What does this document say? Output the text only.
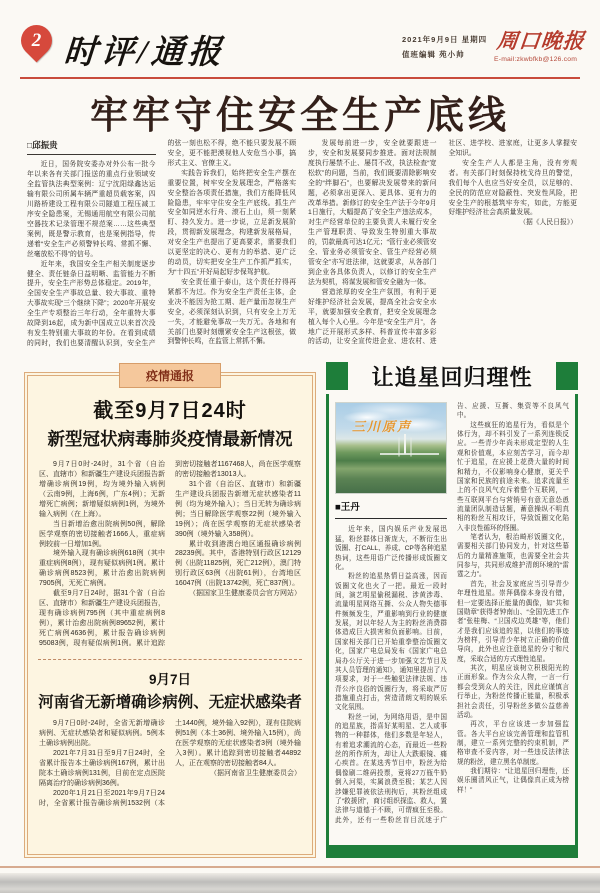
2 时评/通报	2021年9月9日 星期四
值班编辑 苑小帅
周口晚报
E-mail:zkwbfkb@126.com
牢牢守住安全生产底线
□邱振贵

近日，国务院安委办对外公布一批今年以来各有关部门报送的重点行业领域安全监管执法典型案例：辽宁沈阳绿鑫达运输有限公司所属车辆严重超员载客案，四川路桥建设工程有限公司隧道工程压减工序安全隐患案，无锡通用航空有限公司航空器技术记录管理不规范案……这些典型案例，既是警示教育，也是案例指导，传递着“安全生产必须警钟长鸣、常抓不懈、丝毫放松不得”的信号。

近年来，我国安全生产相关制度逐步健全、责任链条日益明晰、监管能力不断提升，安全生产形势总体稳定。2019年，全国安全生产事故总量、较大事故、重特大事故实现“三个继续下降”；2020年开展安全生产专项整治三年行动，全年重特大事故降到16起，成为新中国成立以来首次没有发生特别重大事故的年份。在看到成绩的同时，我们也要清醒认识到，安全生产的弦一刻也松不得，绝不能只要发展不顾安全，更不能把漠视他人安危当小事，搞形式主义、官僚主义。

实践告诉我们，始终把安全生产摆在重要位置，树牢安全发展理念，严格落实安全整治各项责任措施，我们方能降低风险隐患，牢牢守住安全生产底线。抓生产安全如同逆水行舟、滚石上山，须一刻紧盯、持久发力。进一步说，立足新发展阶段，贯彻新发展理念，构建新发展格局，对安全生产也提出了更高要求，需要我们以更坚定的决心、更有力的举措、更广泛的动员，切实把安全生产工作抓严抓实，为“十四五”开好局起好步保驾护航。

安全责任重于泰山，这个责任拧得再紧都不为过。作为安全生产责任主体，企业决不能因为抢工期、赶产量而忽视生产安全，必须深刻认识到，只有安全上万无一失，才能避免事故一失万无。各地和有关部门也要时刻绷紧安全生产这根弦，做到警钟长鸣，在监管上常抓不懈。

发展每前进一步，安全就要跟进一步，安全和发展要同步推进。面对法规制度执行屡禁不止、屡罚不改，执法检查“宽松软”的问题，当前，我们既要清除影响安全的“绊脚石”，也要解决发展带来的新问题，必须拿出更深入、更具体、更有力的改革举措。新修订的安全生产法于今年9月1日施行，大幅提高了安全生产违法成本，对生产经营单位的主要负责人未履行安全生产管理职责、导致发生特别重大事故的，罚款最高可达1亿元；“管行业必须管安全、管业务必须管安全、管生产经营必须管安全”亦写进法律，这就要求，从各部门到企业各具体负责人，以修订的安全生产法为契机，将谋发展和管安全融为一体。

营造浓厚的安全生产氛围，有利于更好维护经济社会发展，提高全社会安全水平，就要加强安全教育，把安全发展理念植入每个人心里。今年是“安全生产月”，各地广泛开展形式多样、科普宣传丰富多彩的活动，让安全宣传进企业、进农村、进社区、进学校、进家庭，让更多人掌握安全知识。

安全生产人人都是主角，没有旁观者。有关部门时刻保持枕戈待旦的警觉，我们每个人也应当好安全员，以足够的、全民的防范应对隐蔽性、突发性风险，把安全生产的根基筑牢夯实，如此，方能更好维护经济社会高质量发展。

（据《人民日报》）

疫情通报
截至9月7日24时
新型冠状病毒肺炎疫情最新情况

9月7日0时-24时，31个省（自治区、直辖市）和新疆生产建设兵团报告新增确诊病例19例，均为境外输入病例（云南9例，上海6例，广东4例）；无新增死亡病例；新增疑似病例1例，为境外输入病例（在上海）。

当日新增治愈出院病例50例，解除医学观察的密切接触者1666人，重症病例较前一日增加1例。

境外输入现有确诊病例618例（其中重症病例8例），现有疑似病例1例。累计确诊病例8523例，累计治愈出院病例7905例，无死亡病例。

截至9月7日24时，据31个省（自治区、直辖市）和新疆生产建设兵团报告，现有确诊病例795例（其中重症病例8例），累计治愈出院病例89652例，累计死亡病例4636例，累计报告确诊病例95083例，现有疑似病例1例。累计追踪到密切接触者1167468人，尚在医学观察的密切接触者13013人。

31个省（自治区、直辖市）和新疆生产建设兵团报告新增无症状感染者11例（均为境外输入）；当日无转为确诊病例；当日解除医学观察22例（境外输入19例）；尚在医学观察的无症状感染者390例（境外输入358例）。

累计收到港澳台地区通报确诊病例28239例。其中，香港特别行政区12129例（出院11825例，死亡212例），澳门特别行政区63例（出院61例），台湾地区16047例（出院13742例，死亡837例）。

（据国家卫生健康委员会官方网站）

9月7日
河南省无新增确诊病例、无症状感染者

9月7日0时-24时，全省无新增确诊病例、无症状感染者和疑似病例。5例本土确诊病例出院。

2021年7月31日至9月7日24时，全省累计报告本土确诊病例167例，累计出院本土确诊病例131例，目前在定点医院隔离治疗的确诊病例36例。

2020年1月21日至2021年9月7日24时，全省累计报告确诊病例1532例（本土1440例，境外输入92例），现有住院病例51例（本土36例、境外输入15例），尚在医学观察的无症状感染者3例（境外输入3例）。累计追踪到密切接触者44892人，正在观察的密切接触者84人。

（据河南省卫生健康委员会）

让追星回归理性
三川原声
■王丹

近年来，国内娱乐产业发展迅猛，粉丝群体日渐庞大，不断衍生出饭圈、打CALL、养成、CP等各种追星热词，这些用语广泛传播形成饭圈文化。

粉丝的追星热情日益高涨，因而饭圈文化也火了一把。最近一段时间，演艺明星偷税漏税、涉黄涉毒、流量明星网络互撕、公众人物失德事件频频发生，严重影响到行业的健康发展，对以年轻人为主的粉丝消费群体造成巨大损害和负面影响。目前，国家相关部门已开始重拳整治饭圈文化，国家广电总局发布《国家广电总局办公厅关于进一步加强文艺节目及其人员管理的通知》，通知里提出了八项要求，对于一些触犯法律法规、违背公序良俗的饭圈行为，将采取严厉措施重点打击，营造清朗文明的娱乐文化氛围。

粉丝一词，为网络用语，是中国的追星族，指喜好某明星、艺人或事物的一种群体，他们多数是年轻人，有着追求潮流的心态，而最近一些粉丝的所作所为，却让人大跌眼镜、痛心疾首。在某选秀节目中，粉丝为给偶像刷二维码投票，竟将27万瓶牛奶倒入河渠，实属浪费至极；某艺人因涉嫌犯罪被依法刑拘后，其粉丝组成了“救援团”，商讨组织探监、救人，置法律与道德于不顾，可谓疯狂至极。此外，还有一些粉丝盲目沉迷于广告、应援、互撕、集资等不良风气中。

这些疯狂的追星行为，看似是个体行为，却不料引发了一系列连锁反应。一些青少年尚未形成定型的人生观和价值观，本应刻苦学习，而今却忙于追星，在应援上花费大量的时间和精力，不仅影响身心健康，更关乎国家和民族的前途未来。追求流量至上的不良风气充斥着整个互联网，一些互联网平台与营销号有意无意怂恿流量团队制造话题，蓄意操纵不明真相的粉丝互相攻讦，导致饭圈文化陷入非良性循环的怪圈。

笔者认为，根治畸形饭圈文化，需要相关部门协同发力，针对这些幕后的力量精准施策，也需要全社会共同参与，共同形成维护清朗环境的“雷霆之力”。

首先，社会及家庭应当引导青少年理性追星。崇拜偶像本身没有错，但一定要选择正能量的偶像，如“共和国勋章”获得者钟南山、“全国先进工作者”张桂梅、“卫国戍边英雄”等，他们才是我们应该追的星，以他们的事迹为榜样，引导青少年树立正确的价值导向，此外也应注意追星的分寸和尺度，采取合适的方式理性追星。

其次，明星应该树立积极阳光的正面形象。作为公众人物，一言一行都会受到众人的关注，因此应谨慎言行举止，为粉丝传播正能量，积极承担社会责任，引导粉丝多做公益慈善活动。

再次，平台应该进一步加强监管。各大平台应该完善管理和监管机制，建立一系列完整的约束机制，严格审查不妥内容，对一些违反法律法规的粉丝，建立黑名单制度。

我们期待：“让追星回归理性，还娱乐圈清风正气，让偶像真正成为榜样！”
